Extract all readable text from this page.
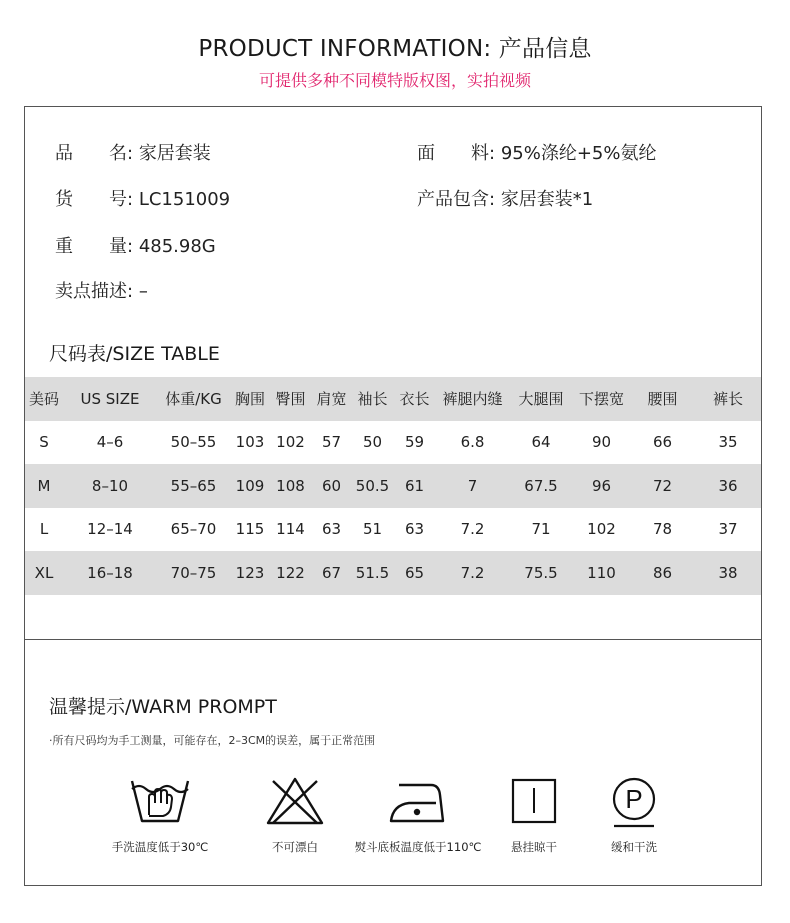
PRODUCT INFORMATION: 产品信息
可提供多种不同模特版权图，实拍视频
品　　名: 家居套装	面　　料: 95%涤纶+5%氨纶
货　　号: LC151009	产品包含: 家居套装*1
重　　量: 485.98G
卖点描述: –
尺码表/SIZE TABLE
美码	US SIZE	体重/KG	胸围	臀围	肩宽	袖长	衣长	裤腿内缝	大腿围	下摆宽	腰围	裤长
S	4–6	50–55	103	102	57	50	59	6.8	64	90	66	35
M	8–10	55–65	109	108	60	50.5	61	7	67.5	96	72	36
L	12–14	65–70	115	114	63	51	63	7.2	71	102	78	37
XL	16–18	70–75	123	122	67	51.5	65	7.2	75.5	110	86	38
温馨提示/WARM PROMPT
·所有尺码均为手工测量，可能存在，2–3CM的误差，属于正常范围
手洗温度低于30℃	不可漂白	熨斗底板温度低于110℃	悬挂晾干
P
缓和干洗
